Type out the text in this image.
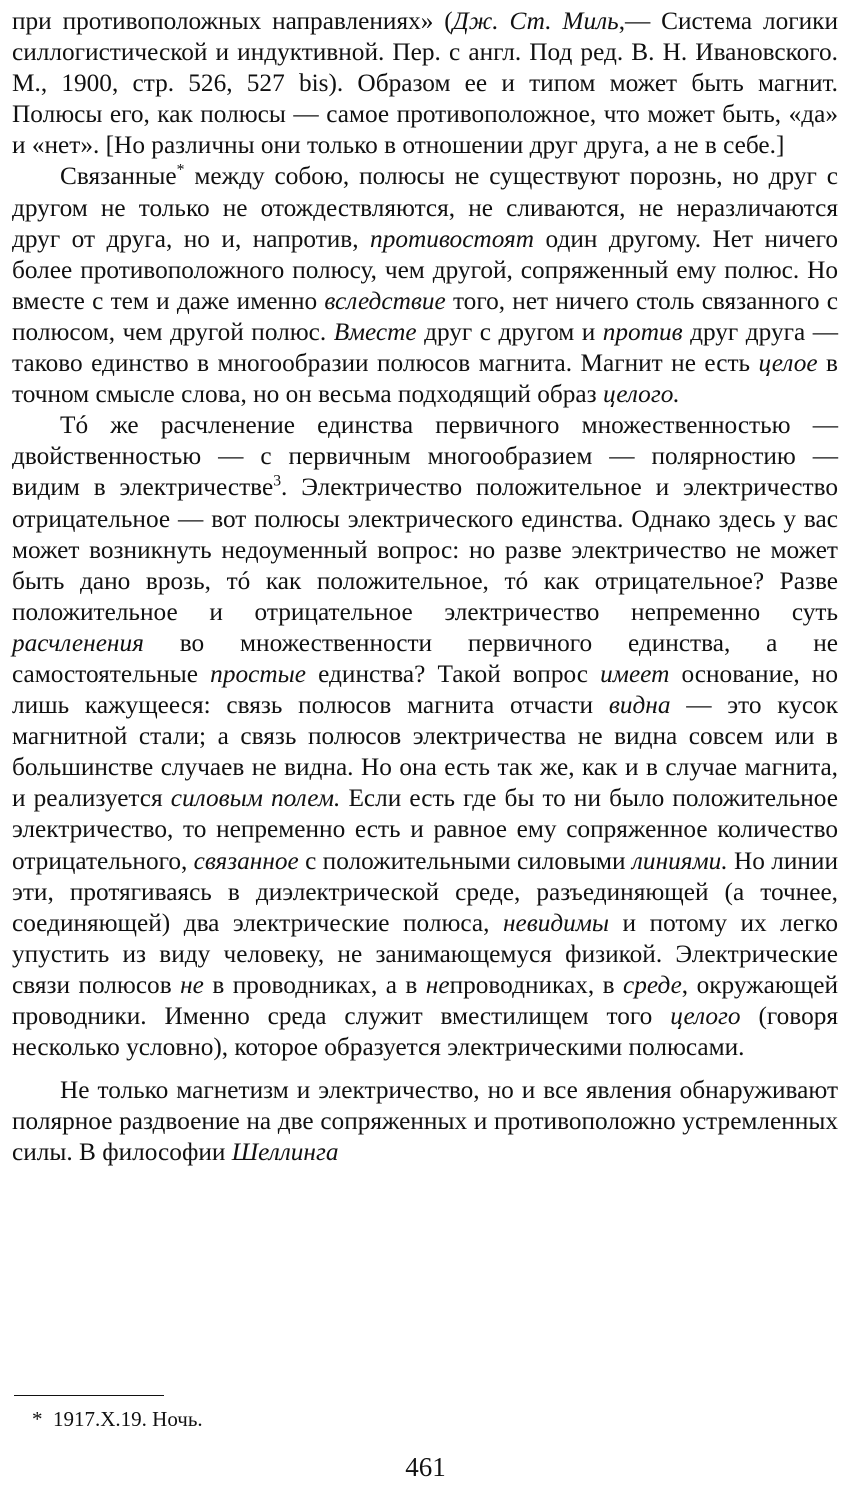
при противоположных направлениях» (Дж. Ст. Миль,— Система логики силлогистической и индуктивной. Пер. с англ. Под ред. В. Н. Ивановского. М., 1900, стр. 526, 527 bis). Образом ее и типом может быть магнит. Полюсы его, как полюсы — самое противоположное, что может быть, «да» и «нет». [Но различны они только в отношении друг друга, а не в себе.]

Связанные* между собою, полюсы не существуют порознь, но друг с другом не только не отождествляются, не сливаются, не неразличаются друг от друга, но и, напротив, противостоят один другому. Нет ничего более противоположного полюсу, чем другой, сопряженный ему полюс. Но вместе с тем и даже именно вследствие того, нет ничего столь связанного с полюсом, чем другой полюс. Вместе друг с другом и против друг друга — таково единство в многообразии полюсов магнита. Магнит не есть целое в точном смысле слова, но он весьма подходящий образ целого.

Тó же расчленение единства первичного множественностью — двойственностью — с первичным многообразием — полярностию — видим в электричестве$^3$. Электричество положительное и электричество отрицательное — вот полюсы электрического единства. Однако здесь у вас может возникнуть недоуменный вопрос: но разве электричество не может быть дано врозь, тó как положительное, тó как отрицательное? Разве положительное и отрицательное электричество непременно суть расчленения во множественности первичного единства, а не самостоятельные простые единства? Такой вопрос имеет основание, но лишь кажущееся: связь полюсов магнита отчасти видна — это кусок магнитной стали; а связь полюсов электричества не видна совсем или в большинстве случаев не видна. Но она есть так же, как и в случае магнита, и реализуется силовым полем. Если есть где бы то ни было положительное электричество, то непременно есть и равное ему сопряженное количество отрицательного, связанное с положительными силовыми линиями. Но линии эти, протягиваясь в диэлектрической среде, разъединяющей (а точнее, соединяющей) два электрические полюса, невидимы и потому их легко упустить из виду человеку, не занимающемуся физикой. Электрические связи полюсов не в проводниках, а в непроводниках, в среде, окружающей проводники. Именно среда служит вместилищем того целого (говоря несколько условно), которое образуется электрическими полюсами.

Не только магнетизм и электричество, но и все явления обнаруживают полярное раздвоение на две сопряженных и противоположно устремленных силы. В философии Шеллинга

* 1917.X.19. Ночь.

461
